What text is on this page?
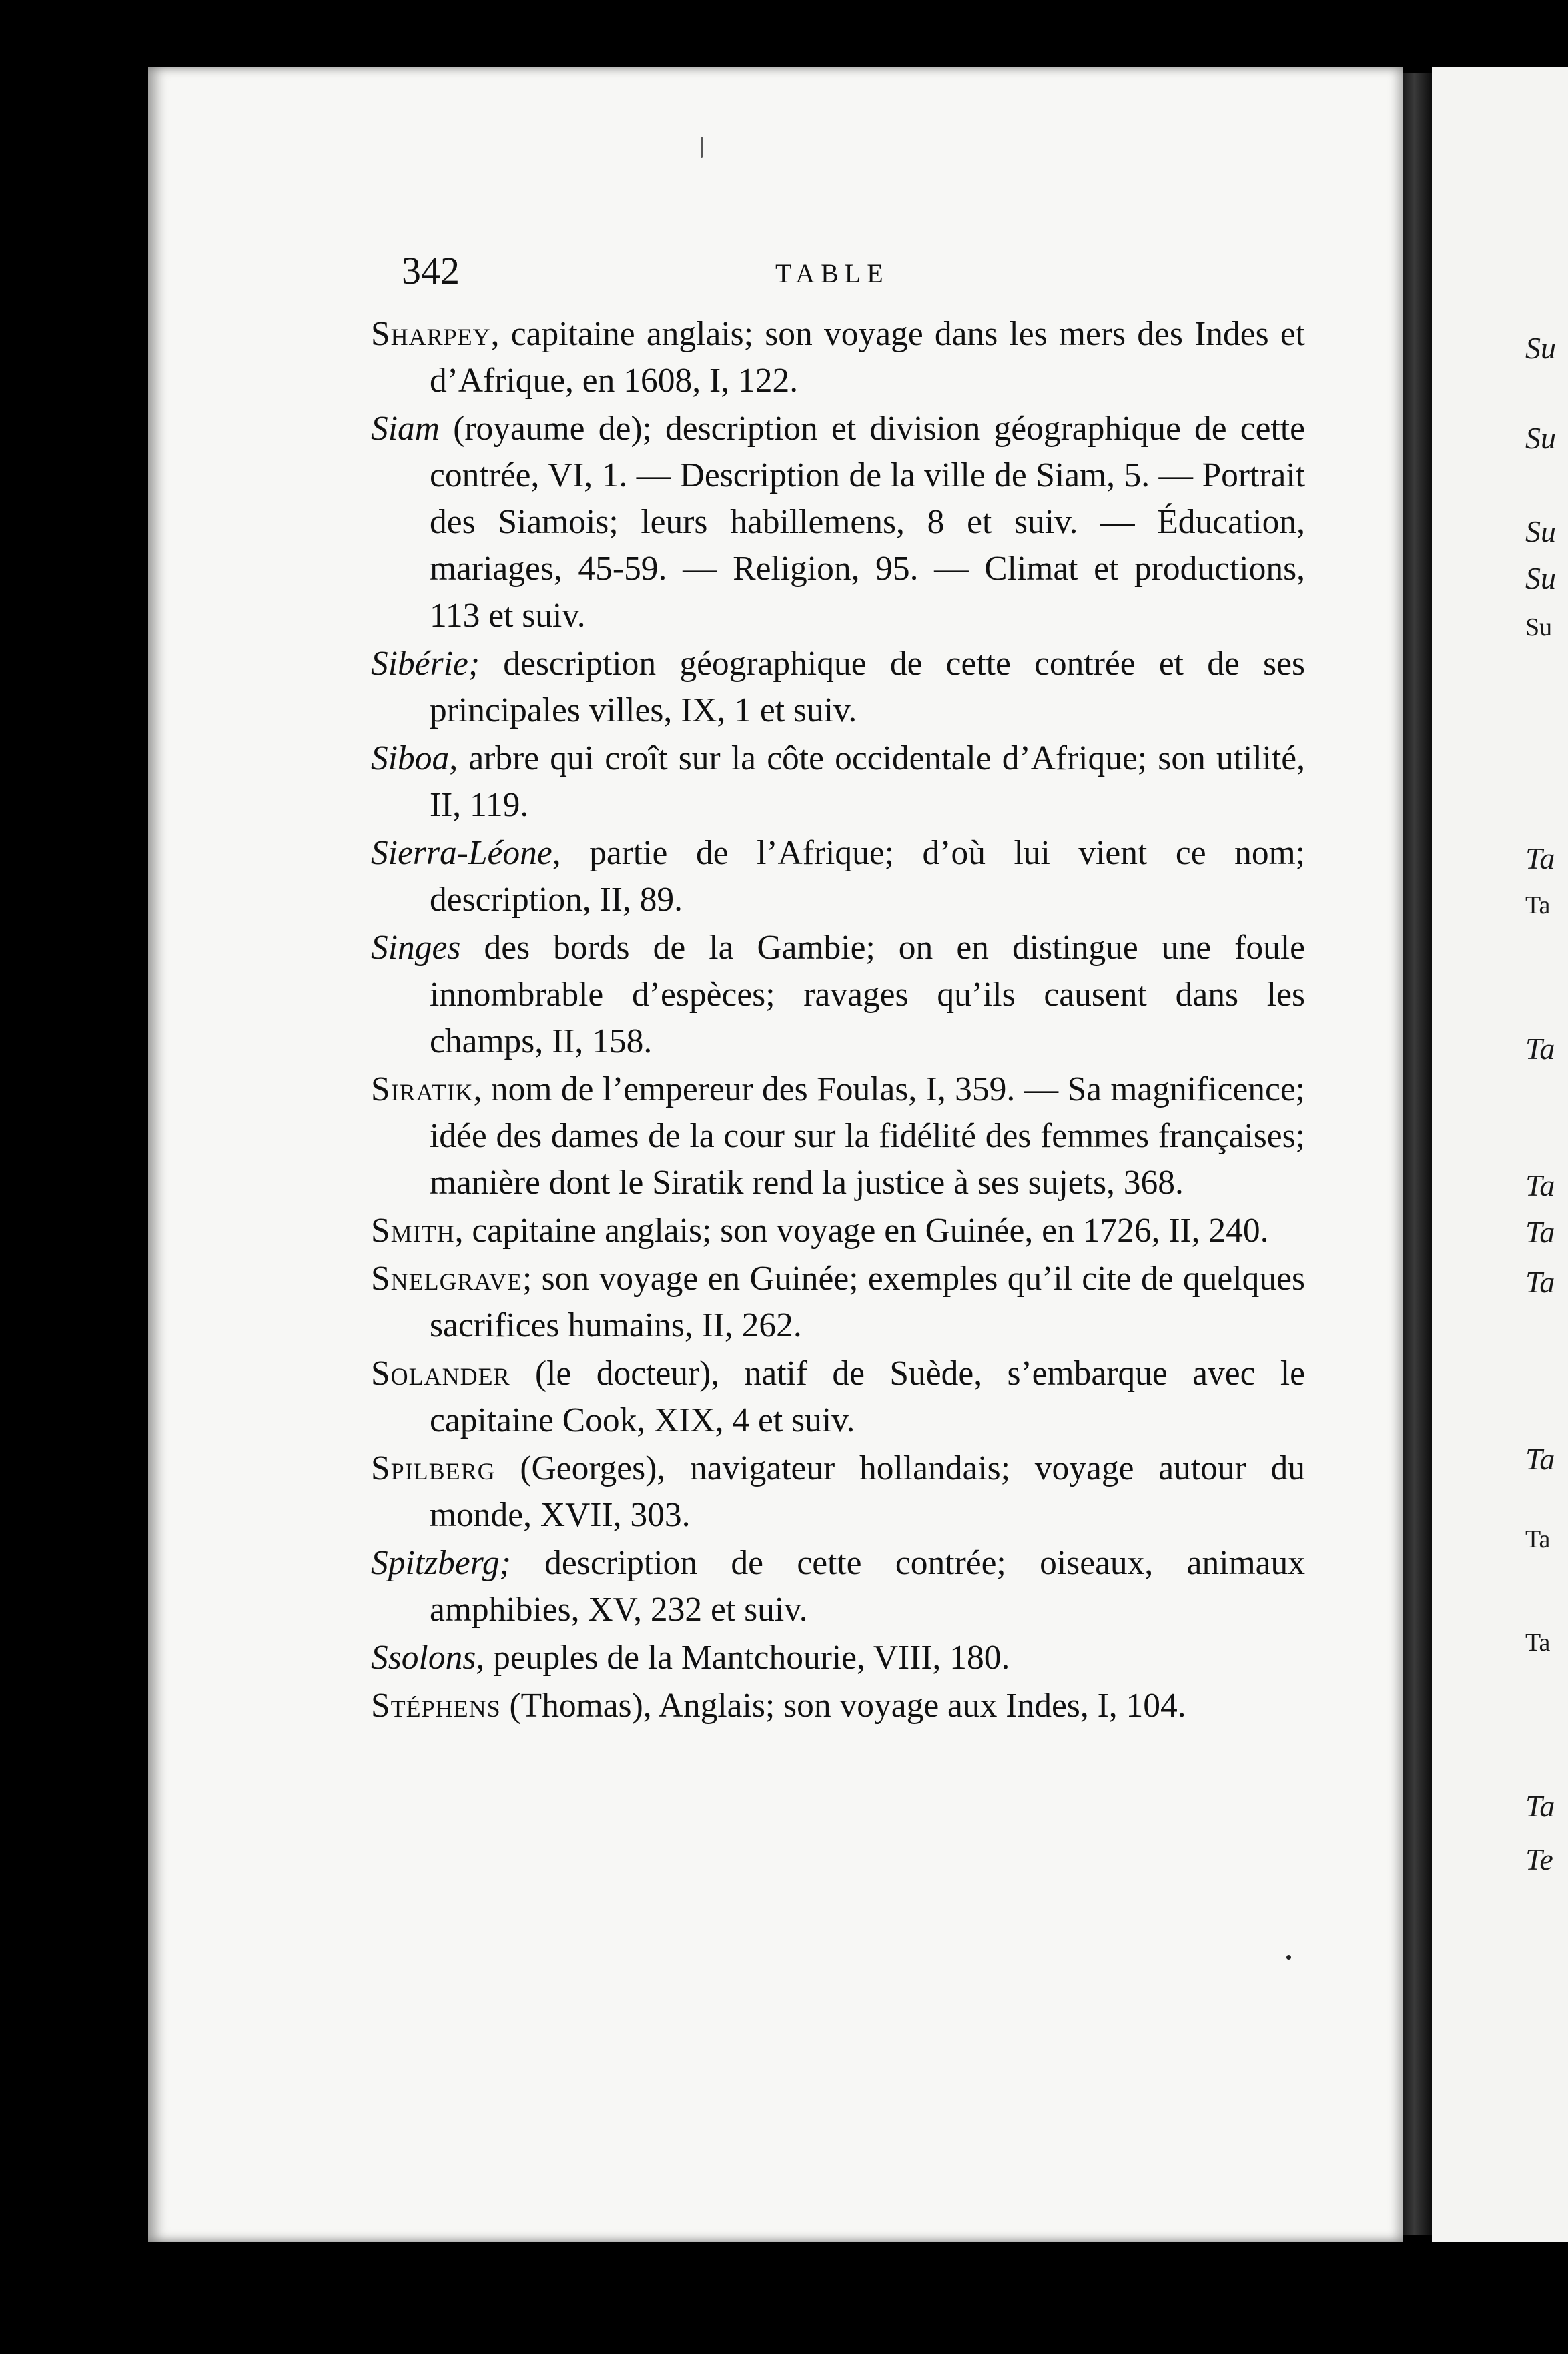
Su
Su
Su
Su
Su
Ta
Ta
Ta
Ta
Ta
Ta
Ta
Ta
Ta
Ta
Te
342	TABLE

Sharpey, capitaine anglais; son voyage dans les mers des Indes et d’Afrique, en 1608, I, 122.

Siam (royaume de); description et division géographique de cette contrée, VI, 1. — Description de la ville de Siam, 5. — Portrait des Siamois; leurs habillemens, 8 et suiv. — Éducation, mariages, 45-59. — Religion, 95. — Climat et productions, 113 et suiv.

Sibérie; description géographique de cette contrée et de ses principales villes, IX, 1 et suiv.

Siboa, arbre qui croît sur la côte occidentale d’Afrique; son utilité, II, 119.

Sierra-Léone, partie de l’Afrique; d’où lui vient ce nom; description, II, 89.

Singes des bords de la Gambie; on en distingue une foule innombrable d’espèces; ravages qu’ils causent dans les champs, II, 158.

Siratik, nom de l’empereur des Foulas, I, 359. — Sa magnificence; idée des dames de la cour sur la fidélité des femmes françaises; manière dont le Siratik rend la justice à ses sujets, 368.

Smith, capitaine anglais; son voyage en Guinée, en 1726, II, 240.

Snelgrave; son voyage en Guinée; exemples qu’il cite de quelques sacrifices humains, II, 262.

Solander (le docteur), natif de Suède, s’embarque avec le capitaine Cook, XIX, 4 et suiv.

Spilberg (Georges), navigateur hollandais; voyage autour du monde, XVII, 303.

Spitzberg; description de cette contrée; oiseaux, animaux amphibies, XV, 232 et suiv.

Ssolons, peuples de la Mantchourie, VIII, 180.

Stéphens (Thomas), Anglais; son voyage aux Indes, I, 104.
